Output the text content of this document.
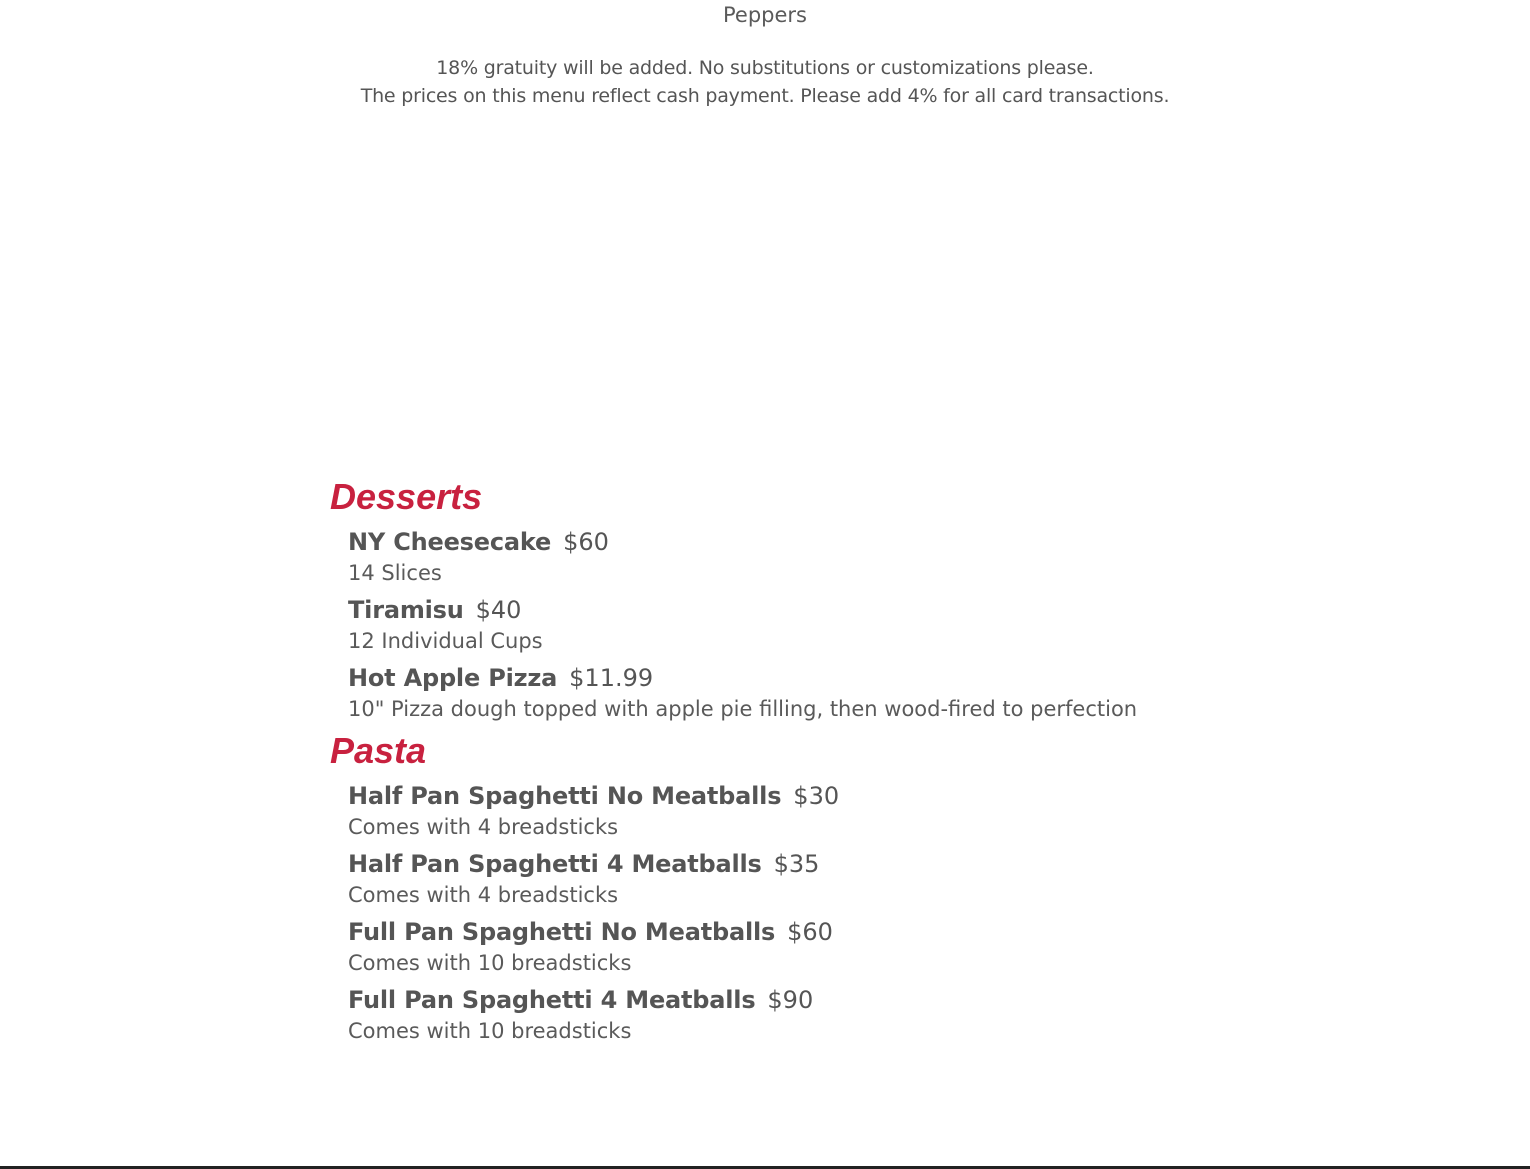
Peppers
18% gratuity will be added. No substitutions or customizations please.
The prices on this menu reflect cash payment. Please add 4% for all card transactions.
Desserts
NY Cheesecake $60
14 Slices
Tiramisu $40
12 Individual Cups
Hot Apple Pizza $11.99
10" Pizza dough topped with apple pie filling, then wood-fired to perfection
Pasta
Half Pan Spaghetti No Meatballs $30
Comes with 4 breadsticks
Half Pan Spaghetti 4 Meatballs $35
Comes with 4 breadsticks
Full Pan Spaghetti No Meatballs $60
Comes with 10 breadsticks
Full Pan Spaghetti 4 Meatballs $90
Comes with 10 breadsticks
